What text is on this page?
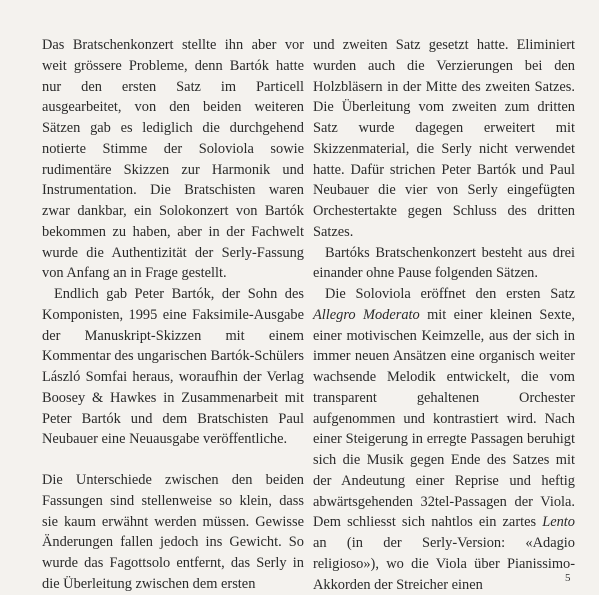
Das Bratschenkonzert stellte ihn aber vor weit grössere Probleme, denn Bartók hatte nur den ersten Satz im Particell ausgearbeitet, von den beiden weiteren Sätzen gab es lediglich die durchgehend notierte Stimme der Soloviola sowie rudimentäre Skizzen zur Harmonik und Instrumentation. Die Bratschisten waren zwar dankbar, ein Solokonzert von Bartók bekommen zu haben, aber in der Fachwelt wurde die Authentizität der Serly-Fassung von Anfang an in Frage gestellt.

Endlich gab Peter Bartók, der Sohn des Komponisten, 1995 eine Faksimile-Ausgabe der Manuskript-Skizzen mit einem Kommentar des ungarischen Bartók-Schülers László Somfai heraus, woraufhin der Verlag Boosey & Hawkes in Zusammenarbeit mit Peter Bartók und dem Bratschisten Paul Neubauer eine Neuausgabe veröffentliche.

Die Unterschiede zwischen den beiden Fassungen sind stellenweise so klein, dass sie kaum erwähnt werden müssen. Gewisse Änderungen fallen jedoch ins Gewicht. So wurde das Fagottsolo entfernt, das Serly in die Überleitung zwischen dem ersten

und zweiten Satz gesetzt hatte. Eliminiert wurden auch die Verzierungen bei den Holzbläsern in der Mitte des zweiten Satzes. Die Überleitung vom zweiten zum dritten Satz wurde dagegen erweitert mit Skizzenmaterial, die Serly nicht verwendet hatte. Dafür strichen Peter Bartók und Paul Neubauer die vier von Serly eingefügten Orchestertakte gegen Schluss des dritten Satzes.

Bartóks Bratschenkonzert besteht aus drei einander ohne Pause folgenden Sätzen.

Die Soloviola eröffnet den ersten Satz Allegro Moderato mit einer kleinen Sexte, einer motivischen Keimzelle, aus der sich in immer neuen Ansätzen eine organisch weiter wachsende Melodik entwickelt, die vom transparent gehaltenen Orchester aufgenommen und kontrastiert wird. Nach einer Steigerung in erregte Passagen beruhigt sich die Musik gegen Ende des Satzes mit der Andeutung einer Reprise und heftig abwärtsgehenden 32tel-Passagen der Viola. Dem schliesst sich nahtlos ein zartes Lento an (in der Serly-Version: «Adagio religioso»), wo die Viola über Pianissimo-Akkorden der Streicher einen	5
